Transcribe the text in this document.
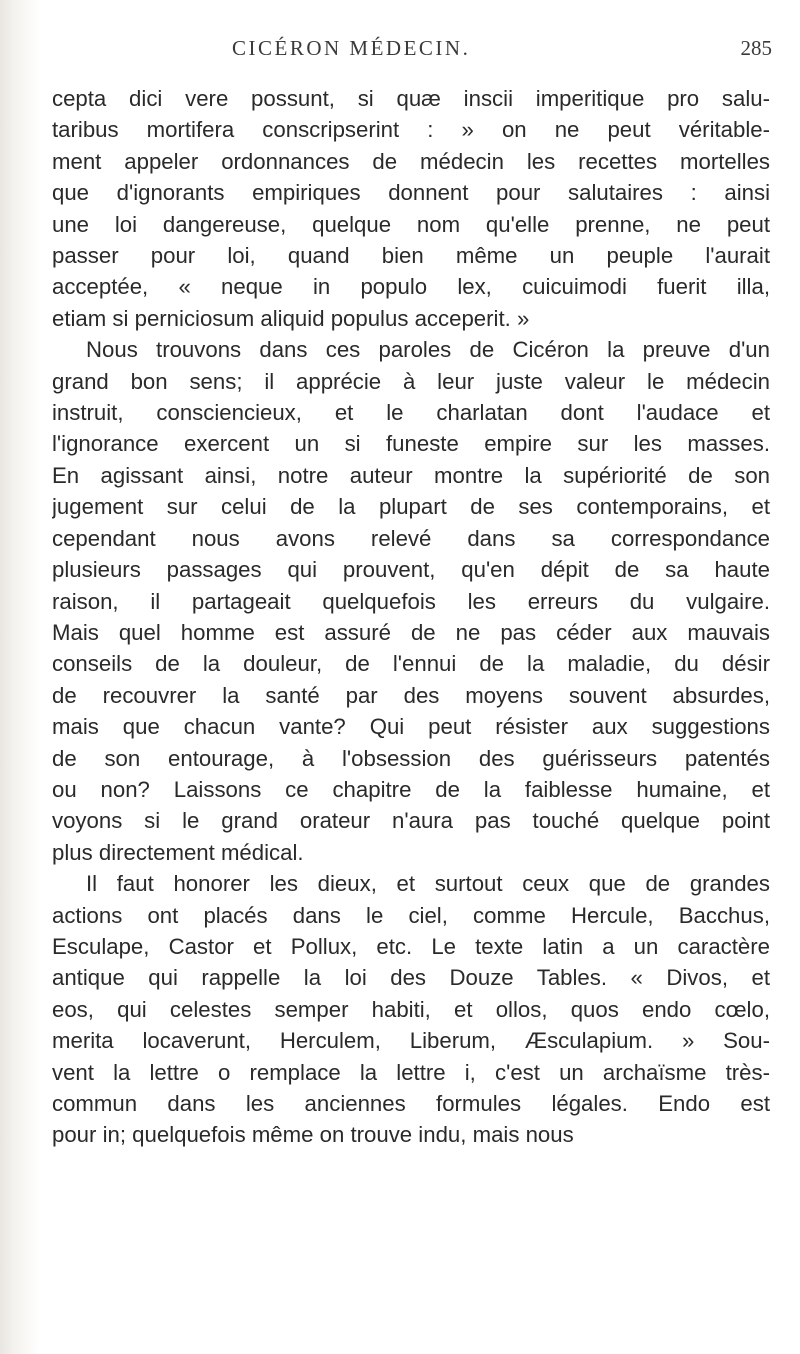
CICÉRON MÉDECIN.	285
cepta dici vere possunt, si quæ inscii imperitique pro salu-
taribus mortifera conscripserint : » on ne peut véritable-
ment appeler ordonnances de médecin les recettes mortelles
que d'ignorants empiriques donnent pour salutaires : ainsi
une loi dangereuse, quelque nom qu'elle prenne, ne peut
passer pour loi, quand bien même un peuple l'aurait
acceptée, « neque in populo lex, cuicuimodi fuerit illa,
etiam si perniciosum aliquid populus acceperit. »
Nous trouvons dans ces paroles de Cicéron la preuve d'un
grand bon sens; il apprécie à leur juste valeur le médecin
instruit, consciencieux, et le charlatan dont l'audace et
l'ignorance exercent un si funeste empire sur les masses.
En agissant ainsi, notre auteur montre la supériorité de son
jugement sur celui de la plupart de ses contemporains, et
cependant nous avons relevé dans sa correspondance
plusieurs passages qui prouvent, qu'en dépit de sa haute
raison, il partageait quelquefois les erreurs du vulgaire.
Mais quel homme est assuré de ne pas céder aux mauvais
conseils de la douleur, de l'ennui de la maladie, du désir
de recouvrer la santé par des moyens souvent absurdes,
mais que chacun vante? Qui peut résister aux suggestions
de son entourage, à l'obsession des guérisseurs patentés
ou non? Laissons ce chapitre de la faiblesse humaine, et
voyons si le grand orateur n'aura pas touché quelque point
plus directement médical.
Il faut honorer les dieux, et surtout ceux que de grandes
actions ont placés dans le ciel, comme Hercule, Bacchus,
Esculape, Castor et Pollux, etc. Le texte latin a un caractère
antique qui rappelle la loi des Douze Tables. « Divos, et
eos, qui celestes semper habiti, et ollos, quos endo cœlo,
merita locaverunt, Herculem, Liberum, Æsculapium. » Sou-
vent la lettre o remplace la lettre i, c'est un archaïsme très-
commun dans les anciennes formules légales. Endo est
pour in; quelquefois même on trouve indu, mais nous
